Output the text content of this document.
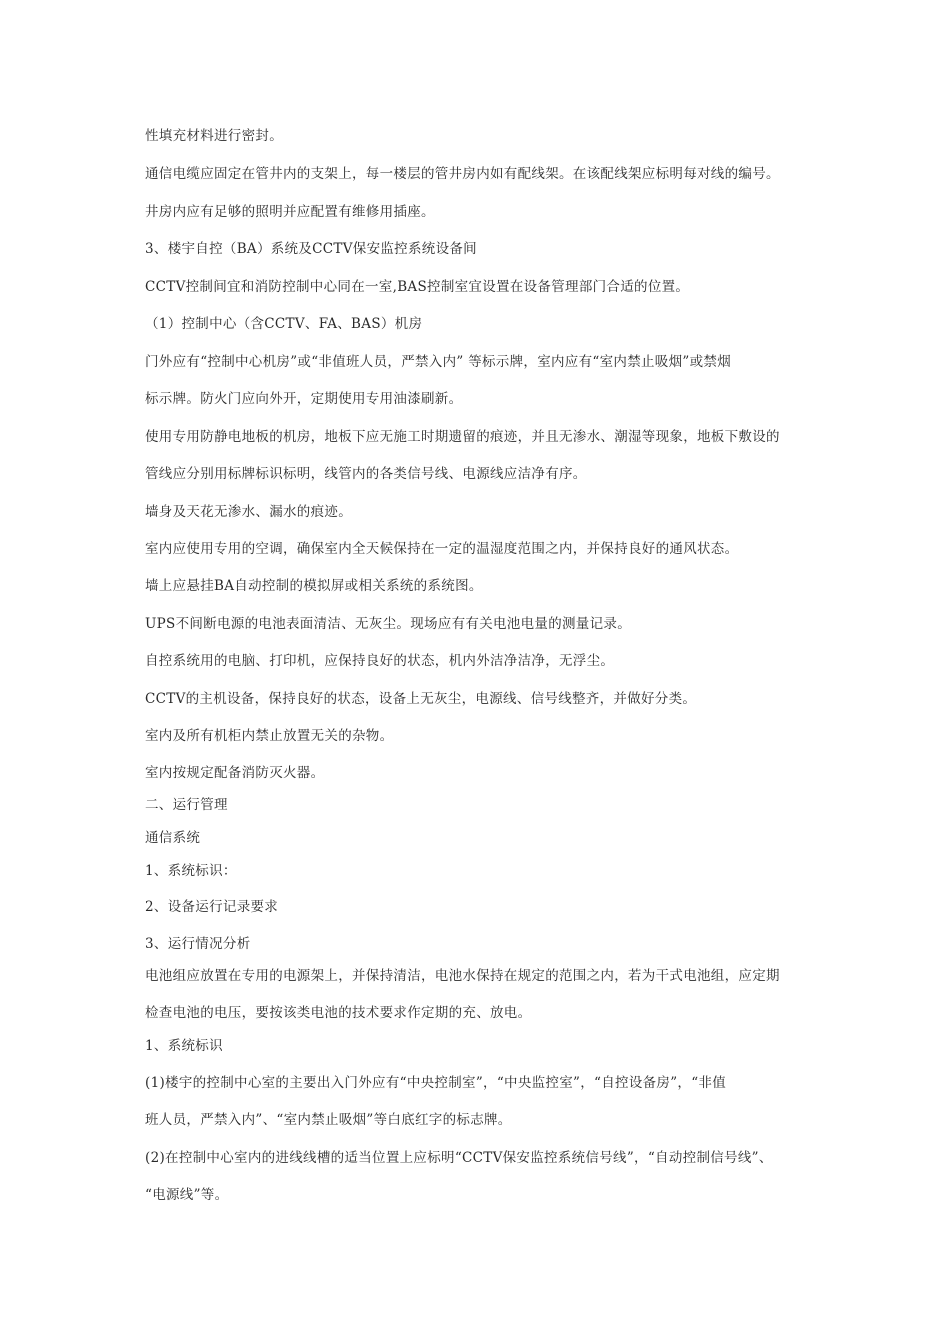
性填充材料进行密封。
通信电缆应固定在管井内的支架上，每一楼层的管井房内如有配线架。在该配线架应标明每对线的编号。
井房内应有足够的照明并应配置有维修用插座。
3、楼宇自控（BA）系统及CCTV保安监控系统设备间
CCTV控制间宜和消防控制中心同在一室,BAS控制室宜设置在设备管理部门合适的位置。
（1）控制中心（含CCTV、FA、BAS）机房
门外应有“控制中心机房”或“非值班人员，严禁入内” 等标示牌，室内应有“室内禁止吸烟”或禁烟
标示牌。防火门应向外开，定期使用专用油漆刷新。
使用专用防静电地板的机房，地板下应无施工时期遗留的痕迹，并且无渗水、潮湿等现象，地板下敷设的
管线应分别用标牌标识标明，线管内的各类信号线、电源线应洁净有序。
墙身及天花无渗水、漏水的痕迹。
室内应使用专用的空调，确保室内全天候保持在一定的温湿度范围之内，并保持良好的通风状态。
墙上应悬挂BA自动控制的模拟屏或相关系统的系统图。
UPS不间断电源的电池表面清洁、无灰尘。现场应有有关电池电量的测量记录。
自控系统用的电脑、打印机，应保持良好的状态，机内外洁净洁净，无浮尘。
CCTV的主机设备，保持良好的状态，设备上无灰尘，电源线、信号线整齐，并做好分类。
室内及所有机柜内禁止放置无关的杂物。
室内按规定配备消防灭火器。
二、运行管理
通信系统
1、系统标识：
2、设备运行记录要求
3、运行情况分析
电池组应放置在专用的电源架上，并保持清洁，电池水保持在规定的范围之内，若为干式电池组，应定期
检查电池的电压，要按该类电池的技术要求作定期的充、放电。
1、系统标识
(1)楼宇的控制中心室的主要出入门外应有“中央控制室”，“中央监控室”，“自控设备房”，“非值
班人员，严禁入内”、“室内禁止吸烟”等白底红字的标志牌。
(2)在控制中心室内的进线线槽的适当位置上应标明“CCTV保安监控系统信号线”，“自动控制信号线”、
“电源线”等。
